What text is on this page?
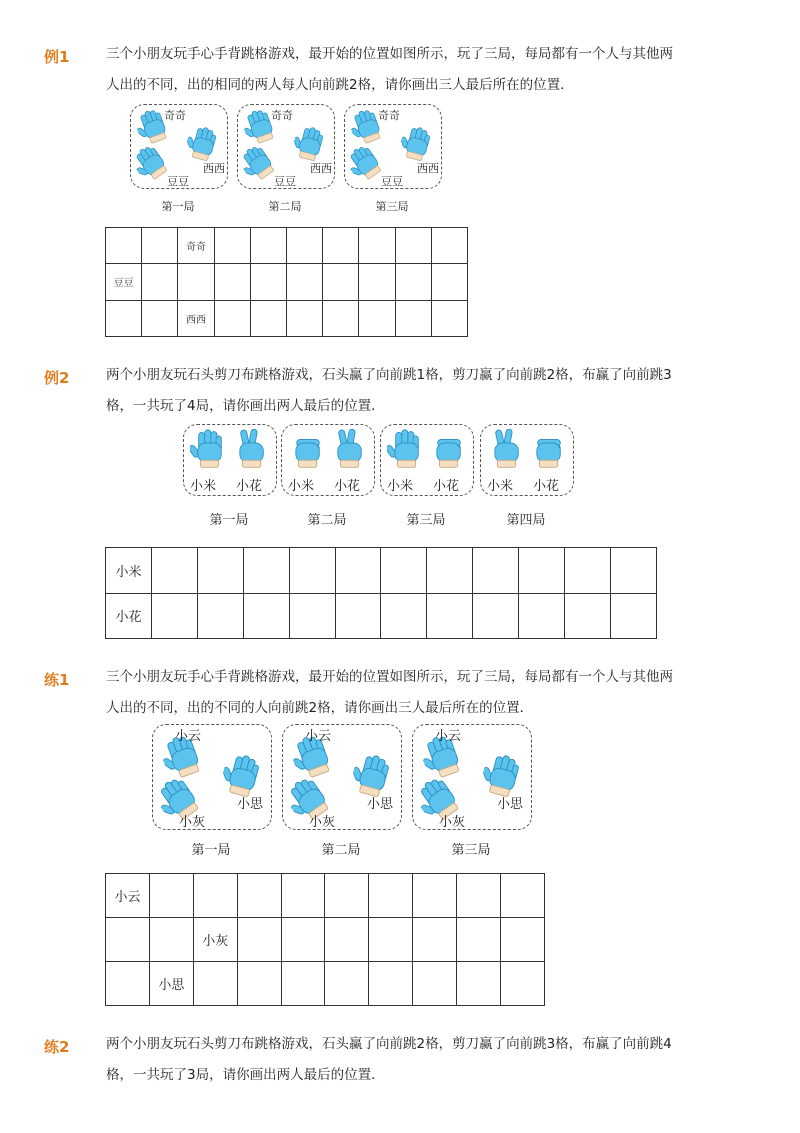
例1	三个小朋友玩手心手背跳格游戏，最开始的位置如图所示，玩了三局，每局都有一个人与其他两
人出的不同，出的相同的两人每人向前跳2格，请你画出三人最后所在的位置．
奇奇
西西
豆豆
第一局
奇奇
西西
豆豆
第二局
奇奇
西西
豆豆
第三局
		奇奇							
豆豆									
		西西							
例2	两个小朋友玩石头剪刀布跳格游戏，石头赢了向前跳1格，剪刀赢了向前跳2格，布赢了向前跳3
格，一共玩了4局，请你画出两人最后的位置．
小米 小花
第一局
小米 小花
第二局
小米 小花
第三局
小米 小花
第四局
小米											
小花											
练1	三个小朋友玩手心手背跳格游戏，最开始的位置如图所示，玩了三局，每局都有一个人与其他两
人出的不同，出的不同的人向前跳2格，请你画出三人最后所在的位置．
小云
小思
小灰
第一局
小云
小思
小灰
第二局
小云
小思
小灰
第三局
小云									
		小灰							
	小思								
练2	两个小朋友玩石头剪刀布跳格游戏，石头赢了向前跳2格，剪刀赢了向前跳3格，布赢了向前跳4
格，一共玩了3局，请你画出两人最后的位置．
